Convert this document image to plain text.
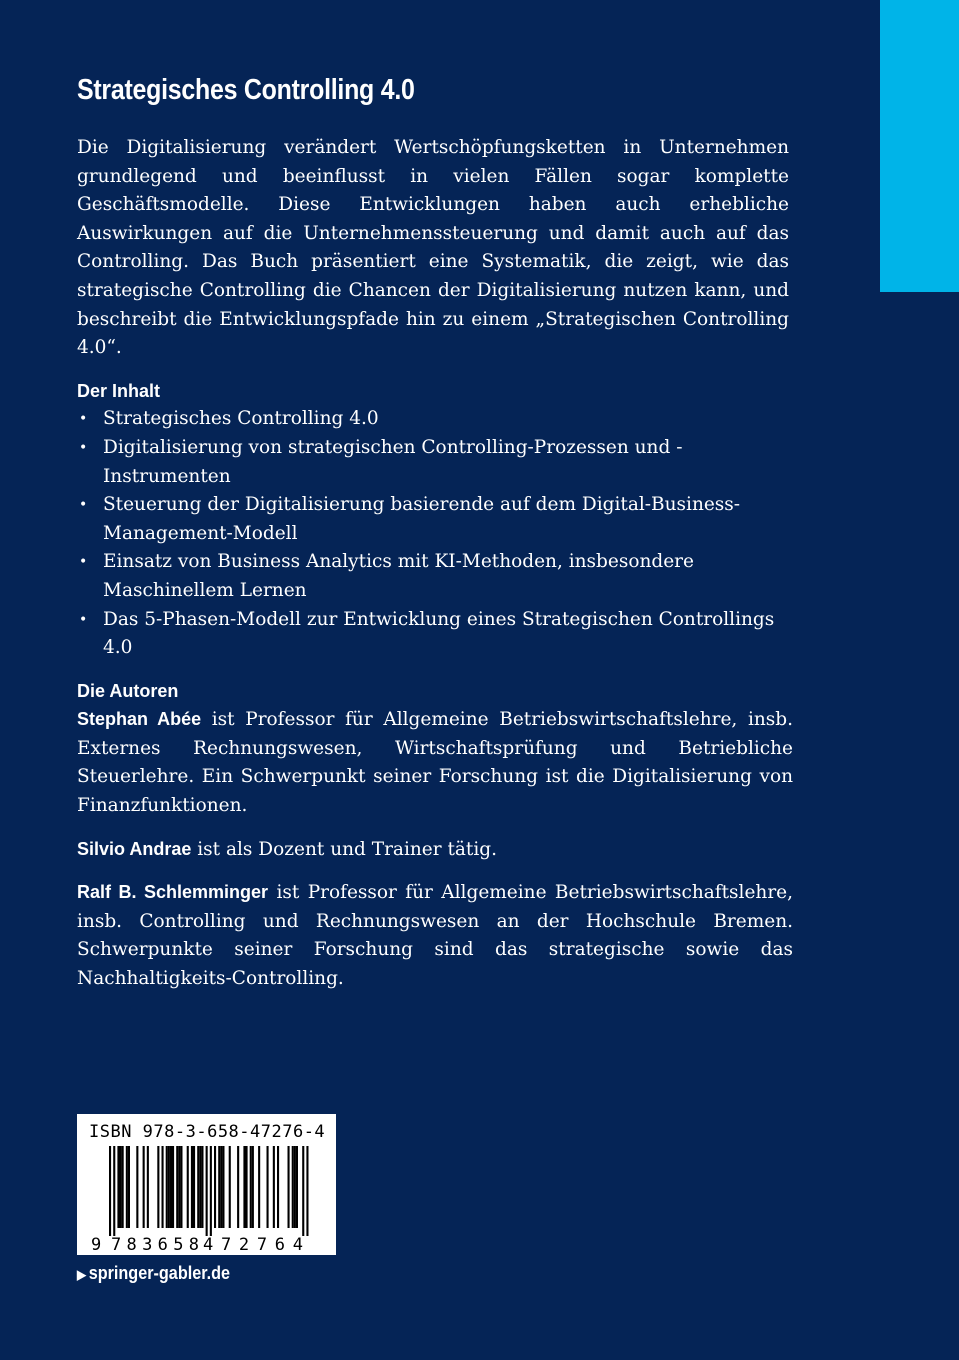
Strategisches Controlling 4.0

Die Digitalisierung verändert Wertschöpfungsketten in Unternehmen grundlegend und beeinflusst in vielen Fällen sogar komplette Geschäftsmodelle. Diese Entwicklungen haben auch erhebliche Auswirkungen auf die Unternehmenssteuerung und damit auch auf das Controlling. Das Buch präsentiert eine Systematik, die zeigt, wie das strategische Controlling die Chancen der Digitalisierung nutzen kann, und beschreibt die Entwicklungspfade hin zu einem „Strategischen Controlling 4.0“.

Der Inhalt
• Strategisches Controlling 4.0
• Digitalisierung von strategischen Controlling-Prozessen und -Instrumenten
• Steuerung der Digitalisierung basierende auf dem Digital-Business-Management-Modell
• Einsatz von Business Analytics mit KI-Methoden, insbesondere Maschinellem Lernen
• Das 5-Phasen-Modell zur Entwicklung eines Strategischen Controllings 4.0
Die Autoren

Stephan Abée ist Professor für Allgemeine Betriebswirtschaftslehre, insb. Externes Rechnungswesen, Wirtschaftsprüfung und Betriebliche Steuerlehre. Ein Schwerpunkt seiner Forschung ist die Digitalisierung von Finanzfunktionen.

Silvio Andrae ist als Dozent und Trainer tätig.

Ralf B. Schlemminger ist Professor für Allgemeine Betriebswirtschaftslehre, insb. Controlling und Rechnungswesen an der Hochschule Bremen. Schwerpunkte seiner Forschung sind das strategische sowie das Nachhaltigkeits-Controlling.

ISBN 978-3-658-47276-4
9 783658 472764
▶ springer-gabler.de
